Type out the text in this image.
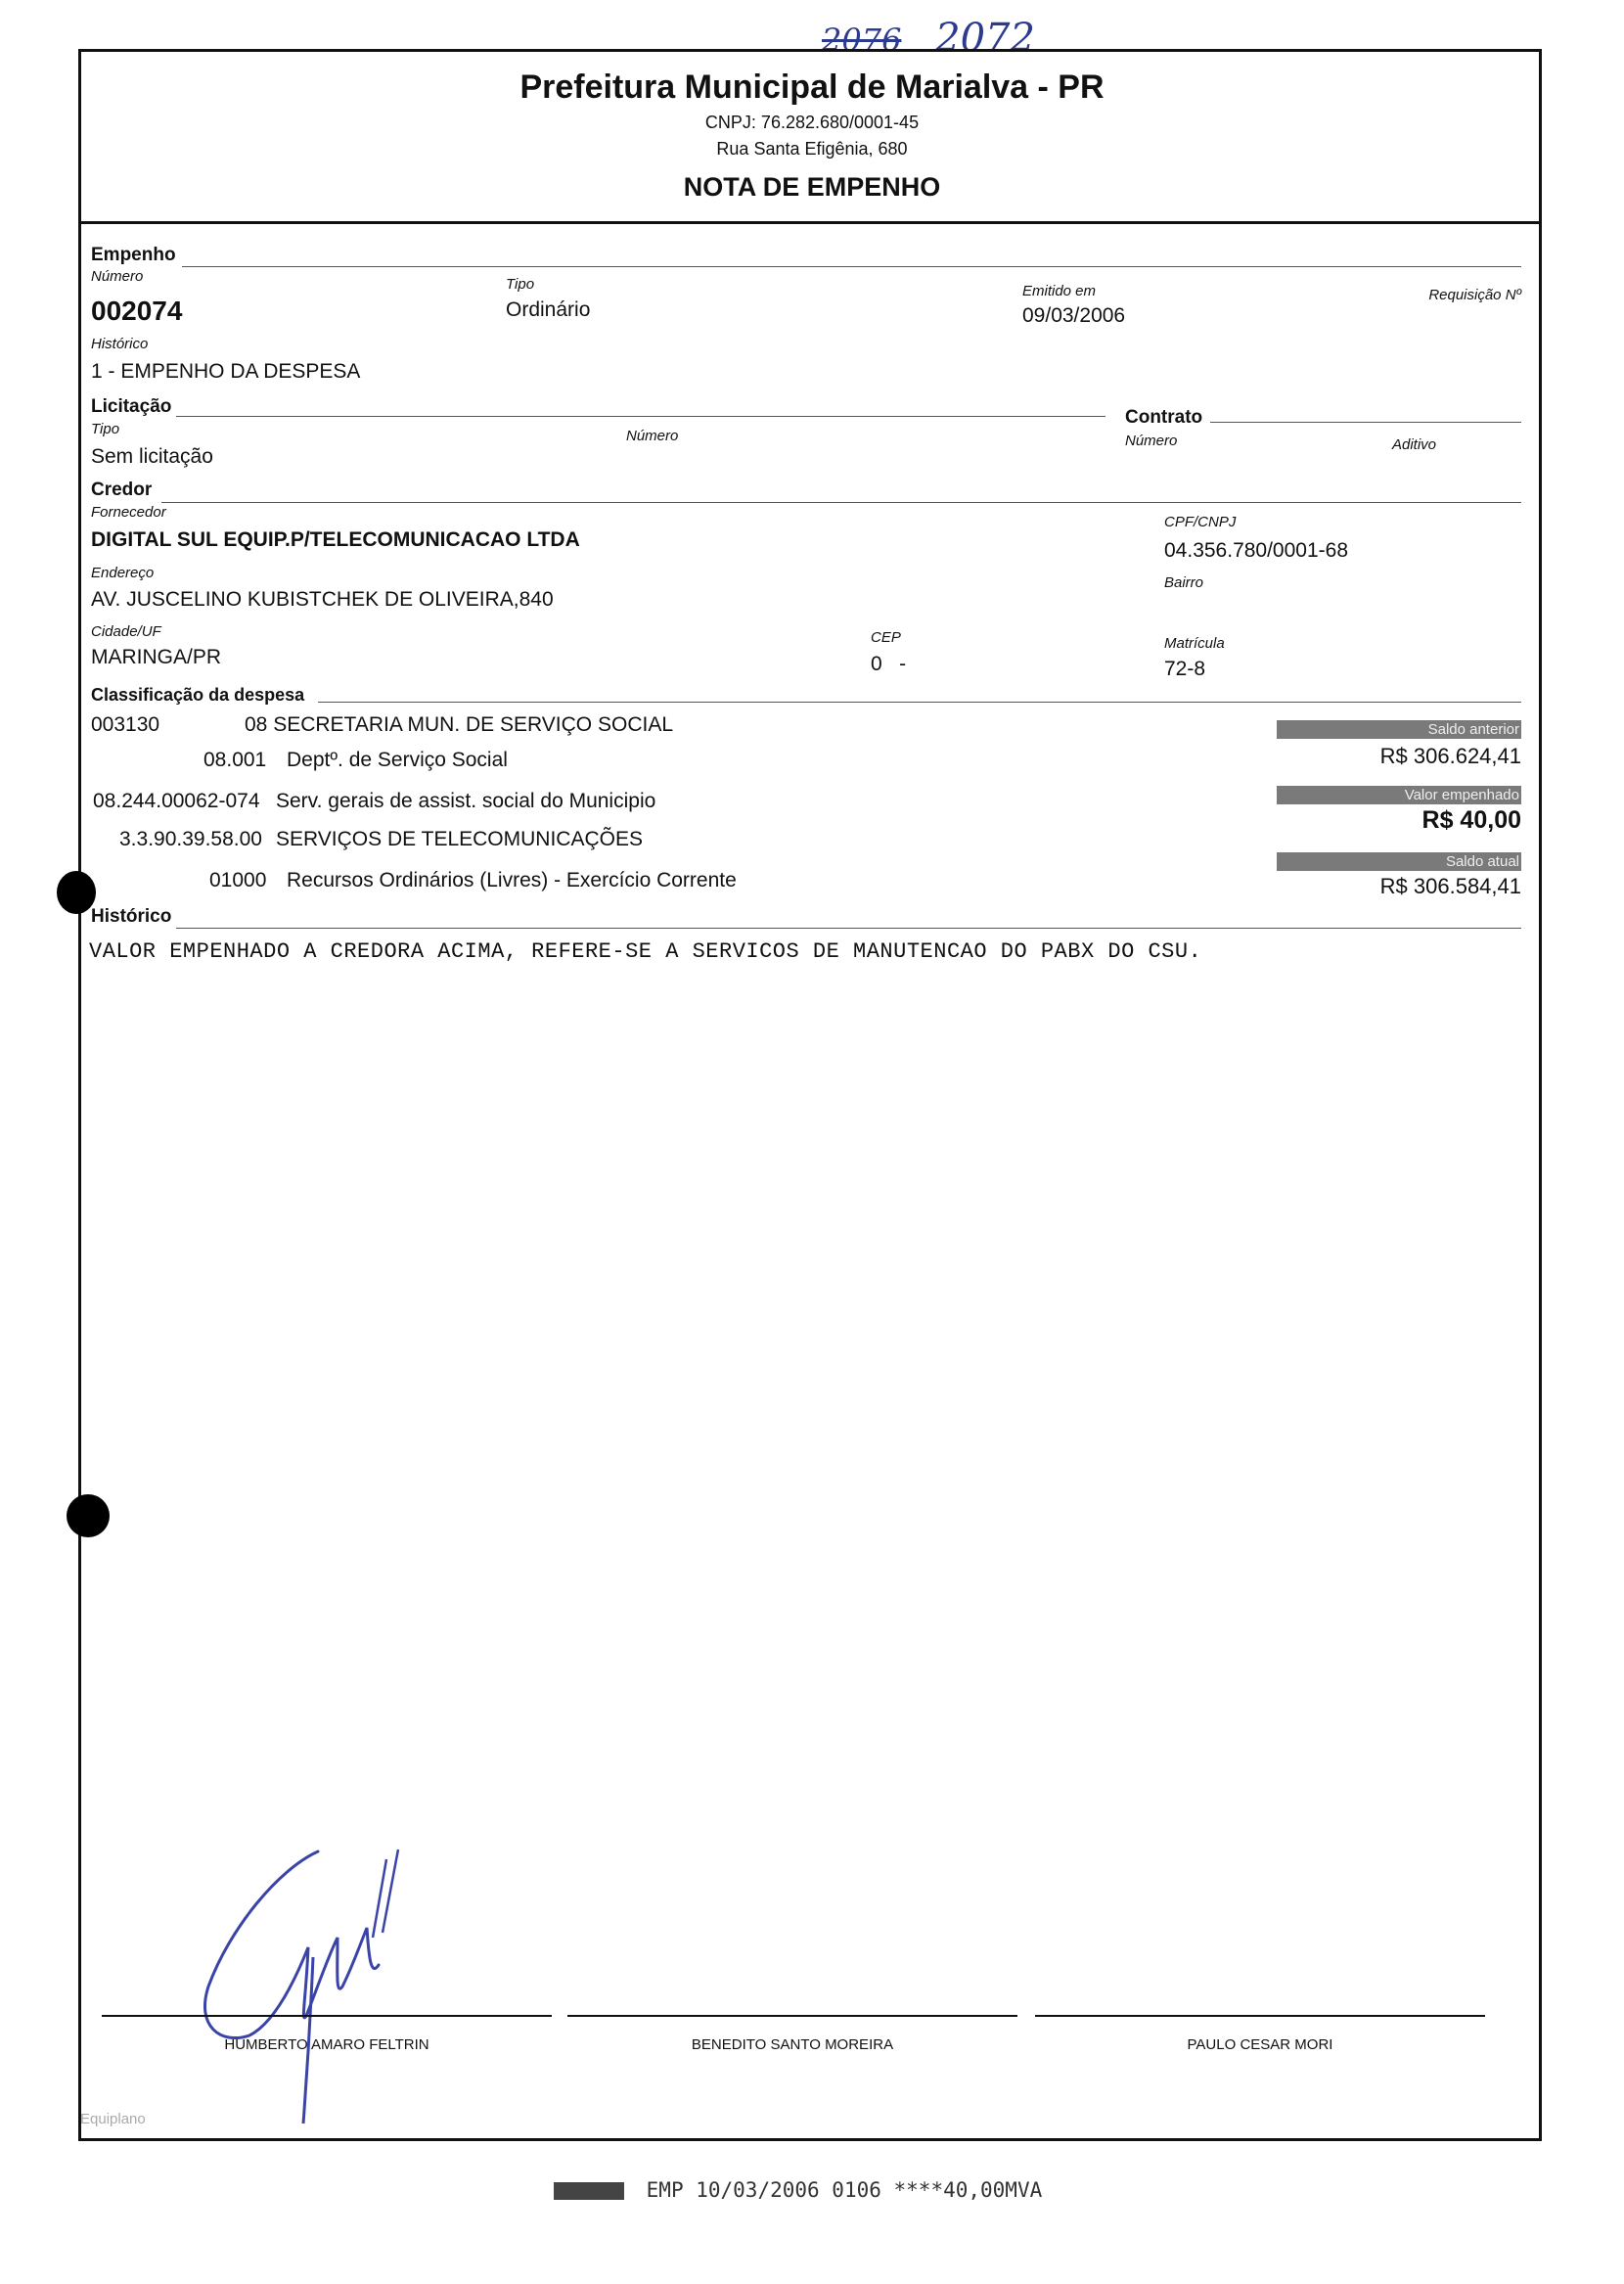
2076 2072
Prefeitura Municipal de Marialva - PR
CNPJ: 76.282.680/0001-45
Rua Santa Efigênia, 680
NOTA DE EMPENHO
Empenho
Número
002074
Tipo
Ordinário
Emitido em
09/03/2006
Requisição Nº
Histórico
1 - EMPENHO DA DESPESA
Licitação
Tipo
Sem licitação
Número
Contrato
Número	Aditivo
Credor
Fornecedor
DIGITAL SUL EQUIP.P/TELECOMUNICACAO LTDA
CPF/CNPJ
04.356.780/0001-68
Endereço
AV. JUSCELINO KUBISTCHEK DE OLIVEIRA,840
Bairro
Cidade/UF
MARINGA/PR
CEP
0   -
Matrícula
72-8
Classificação da despesa
003130	08 SECRETARIA MUN. DE SERVIÇO SOCIAL
08.001 Deptº. de Serviço Social
08.244.00062-074 Serv. gerais de assist. social do Municipio
3.3.90.39.58.00 SERVIÇOS DE TELECOMUNICAÇÕES
01000 Recursos Ordinários (Livres) - Exercício Corrente
Saldo anterior
R$ 306.624,41
Valor empenhado
R$ 40,00
Saldo atual
R$ 306.584,41
Histórico
VALOR EMPENHADO A CREDORA ACIMA, REFERE-SE A SERVICOS DE MANUTENCAO DO PABX DO CSU.
HUMBERTO AMARO FELTRIN	BENEDITO SANTO MOREIRA	PAULO CESAR MORI
Equiplano
EMP 10/03/2006 0106 ****40,00MVA
